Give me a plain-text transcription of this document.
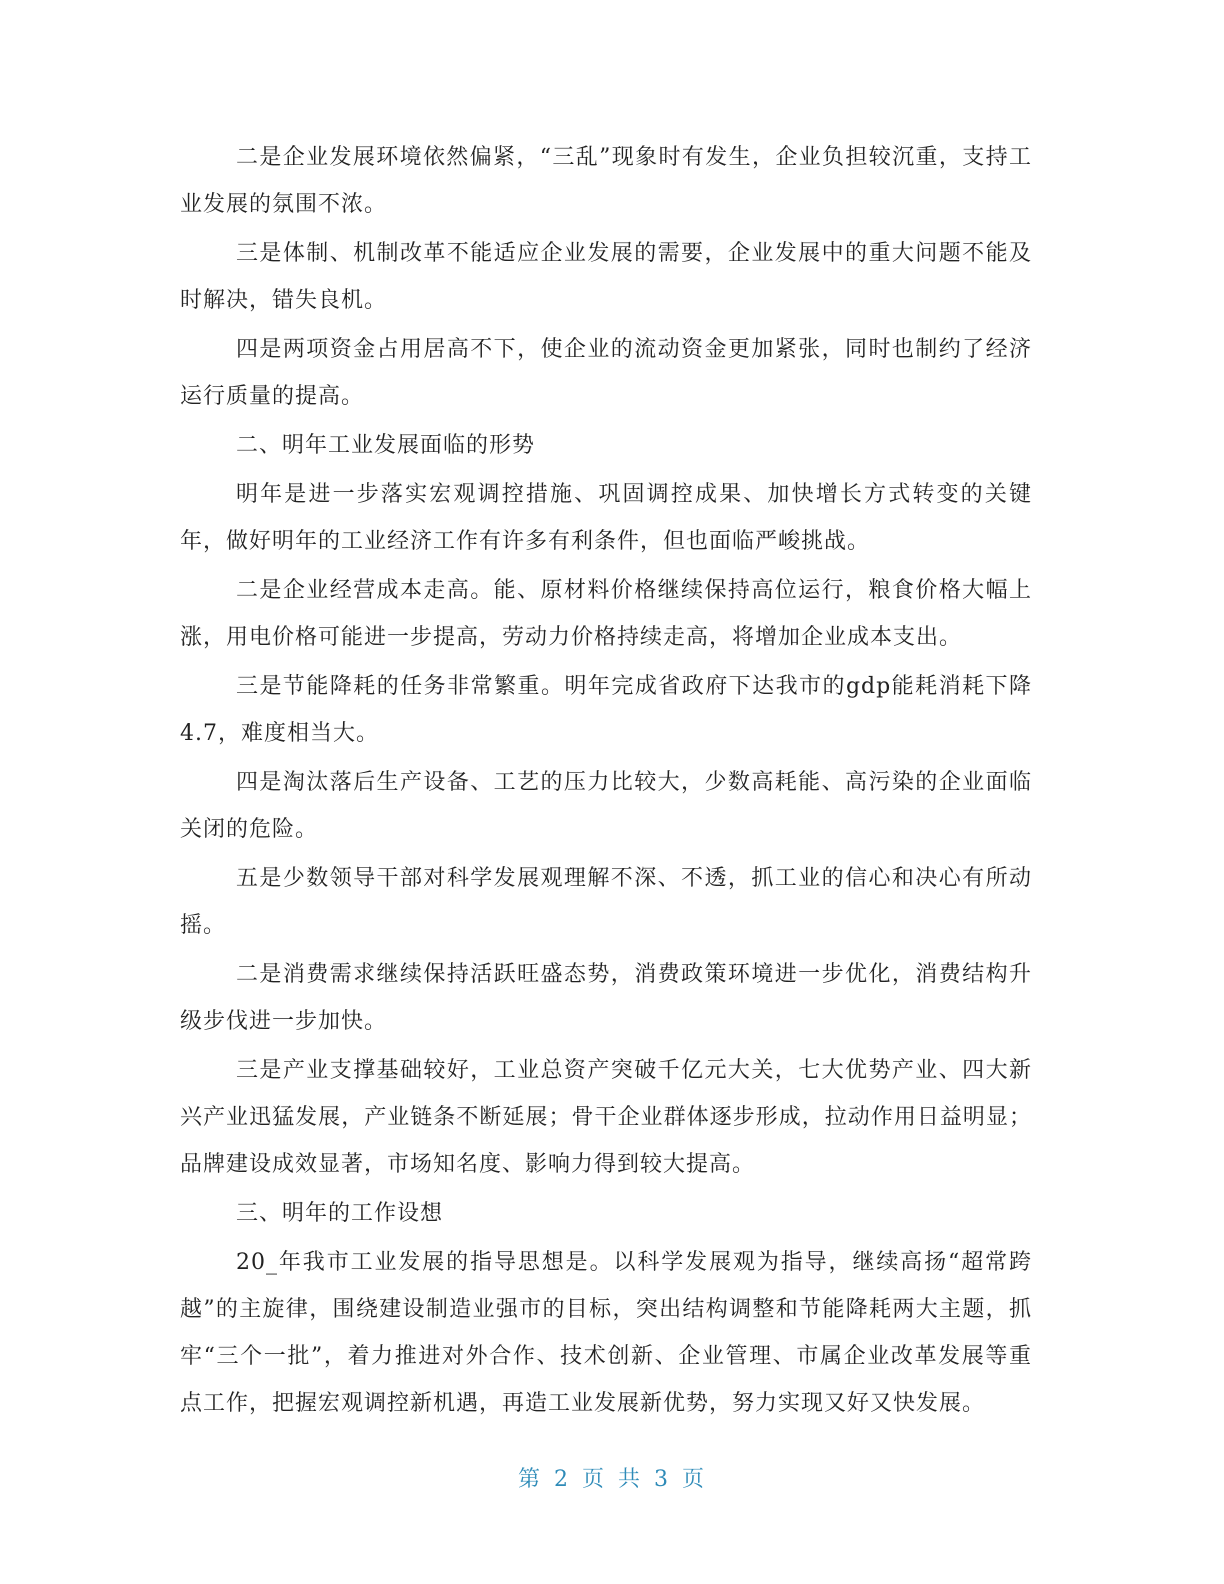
二是企业发展环境依然偏紧，“三乱”现象时有发生，企业负担较沉重，支持工业发展的氛围不浓。

三是体制、机制改革不能适应企业发展的需要，企业发展中的重大问题不能及时解决，错失良机。

四是两项资金占用居高不下，使企业的流动资金更加紧张，同时也制约了经济运行质量的提高。

二、明年工业发展面临的形势

明年是进一步落实宏观调控措施、巩固调控成果、加快增长方式转变的关键年，做好明年的工业经济工作有许多有利条件，但也面临严峻挑战。

二是企业经营成本走高。能、原材料价格继续保持高位运行，粮食价格大幅上涨，用电价格可能进一步提高，劳动力价格持续走高，将增加企业成本支出。

三是节能降耗的任务非常繁重。明年完成省政府下达我市的gdp能耗消耗下降4.7，难度相当大。

四是淘汰落后生产设备、工艺的压力比较大，少数高耗能、高污染的企业面临关闭的危险。

五是少数领导干部对科学发展观理解不深、不透，抓工业的信心和决心有所动摇。

二是消费需求继续保持活跃旺盛态势，消费政策环境进一步优化，消费结构升级步伐进一步加快。

三是产业支撑基础较好，工业总资产突破千亿元大关，七大优势产业、四大新兴产业迅猛发展，产业链条不断延展；骨干企业群体逐步形成，拉动作用日益明显；品牌建设成效显著，市场知名度、影响力得到较大提高。

三、明年的工作设想

20_年我市工业发展的指导思想是。以科学发展观为指导，继续高扬“超常跨越”的主旋律，围绕建设制造业强市的目标，突出结构调整和节能降耗两大主题，抓牢“三个一批”，着力推进对外合作、技术创新、企业管理、市属企业改革发展等重点工作，把握宏观调控新机遇，再造工业发展新优势，努力实现又好又快发展。

第 2 页 共 3 页
